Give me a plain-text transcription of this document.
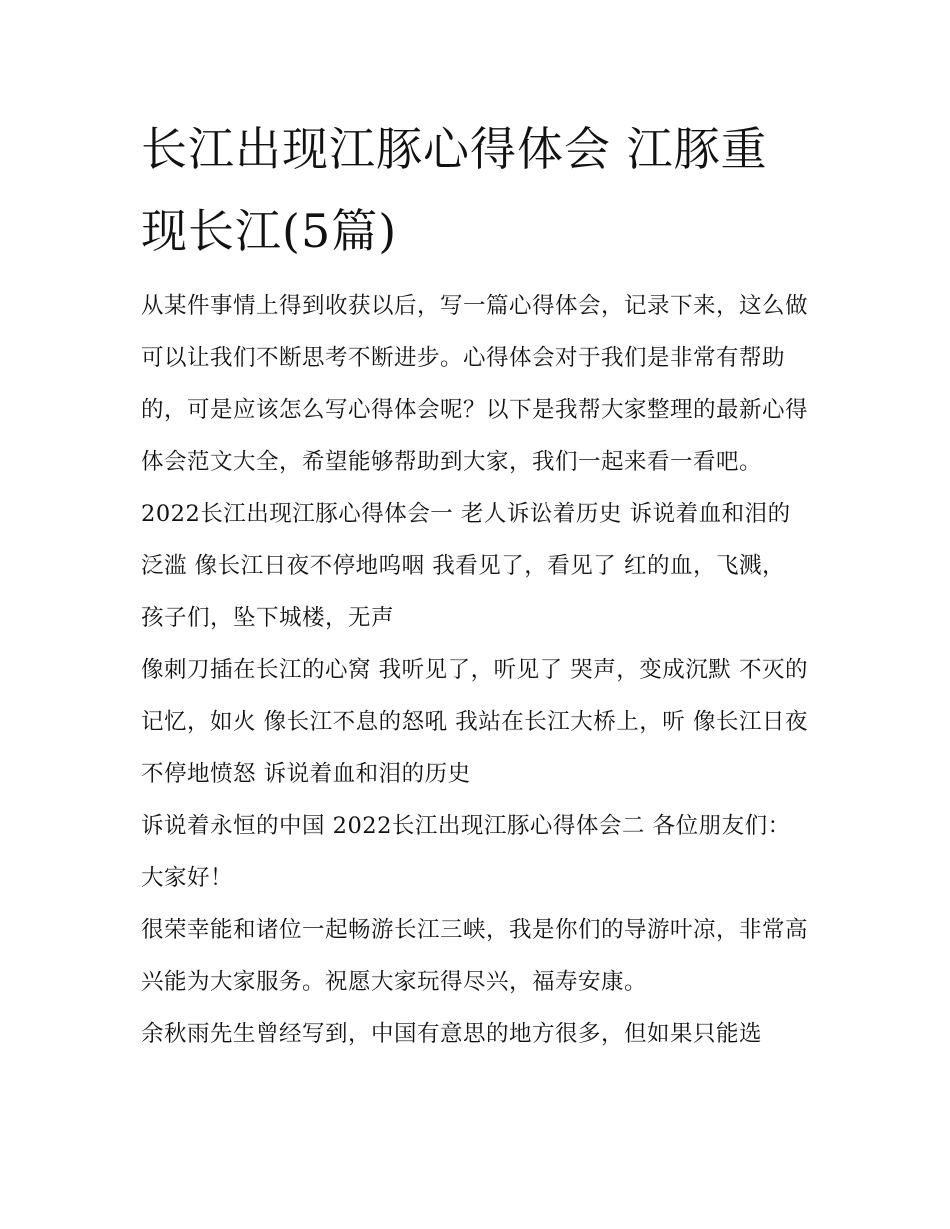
长江出现江豚心得体会 江豚重现长江(5篇)

从某件事情上得到收获以后，写一篇心得体会，记录下来，这么做可以让我们不断思考不断进步。心得体会对于我们是非常有帮助的，可是应该怎么写心得体会呢？以下是我帮大家整理的最新心得体会范文大全，希望能够帮助到大家，我们一起来看一看吧。

2022长江出现江豚心得体会一 老人诉讼着历史 诉说着血和泪的泛滥 像长江日夜不停地呜咽 我看见了，看见了 红的血，飞溅， 孩子们，坠下城楼，无声

像刺刀插在长江的心窝 我听见了，听见了 哭声，变成沉默 不灭的记忆，如火 像长江不息的怒吼 我站在长江大桥上，听 像长江日夜不停地愤怒 诉说着血和泪的历史

诉说着永恒的中国 2022长江出现江豚心得体会二 各位朋友们： 大家好！

很荣幸能和诸位一起畅游长江三峡，我是你们的导游叶凉，非常高兴能为大家服务。祝愿大家玩得尽兴，福寿安康。

余秋雨先生曾经写到，中国有意思的地方很多，但如果只能选
